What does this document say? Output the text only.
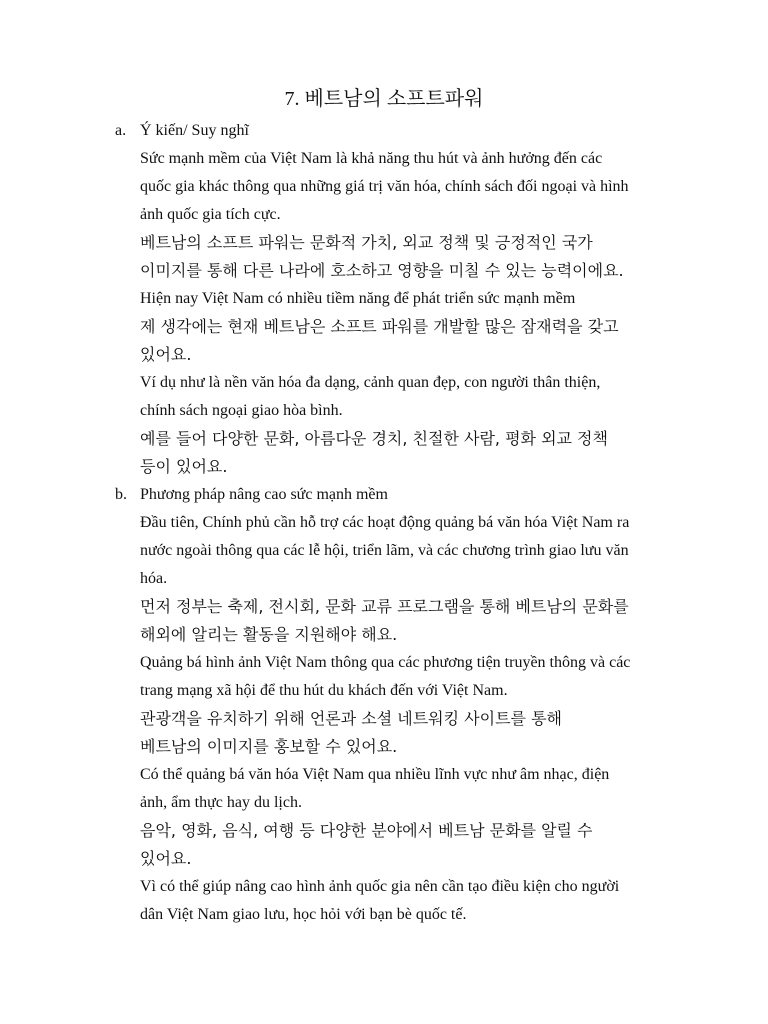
7. 베트남의 소프트파워
a. Ý kiến/ Suy nghĩ
Sức mạnh mềm của Việt Nam là khả năng thu hút và ảnh hưởng đến các
quốc gia khác thông qua những giá trị văn hóa, chính sách đối ngoại và hình
ảnh quốc gia tích cực.
베트남의 소프트 파워는 문화적 가치, 외교 정책 및 긍정적인 국가
이미지를 통해 다른 나라에 호소하고 영향을 미칠 수 있는 능력이에요.
Hiện nay Việt Nam có nhiều tiềm năng để phát triển sức mạnh mềm
제 생각에는 현재 베트남은 소프트 파워를 개발할 많은 잠재력을 갖고
있어요.
Ví dụ như là nền văn hóa đa dạng, cảnh quan đẹp, con người thân thiện,
chính sách ngoại giao hòa bình.
예를 들어 다양한 문화, 아름다운 경치, 친절한 사람, 평화 외교 정책
등이 있어요.
b. Phương pháp nâng cao sức mạnh mềm
Đầu tiên, Chính phủ cần hỗ trợ các hoạt động quảng bá văn hóa Việt Nam ra
nước ngoài thông qua các lễ hội, triển lãm, và các chương trình giao lưu văn
hóa.
먼저 정부는 축제, 전시회, 문화 교류 프로그램을 통해 베트남의 문화를
해외에 알리는 활동을 지원해야 해요.
Quảng bá hình ảnh Việt Nam thông qua các phương tiện truyền thông và các
trang mạng xã hội để thu hút du khách đến với Việt Nam.
관광객을 유치하기 위해 언론과 소셜 네트워킹 사이트를 통해
베트남의 이미지를 홍보할 수 있어요.
Có thể quảng bá văn hóa Việt Nam qua nhiều lĩnh vực như âm nhạc, điện
ảnh, ẩm thực hay du lịch.
음악, 영화, 음식, 여행 등 다양한 분야에서 베트남 문화를 알릴 수
있어요.
Vì có thể giúp nâng cao hình ảnh quốc gia nên cần tạo điều kiện cho người
dân Việt Nam giao lưu, học hỏi với bạn bè quốc tế.
